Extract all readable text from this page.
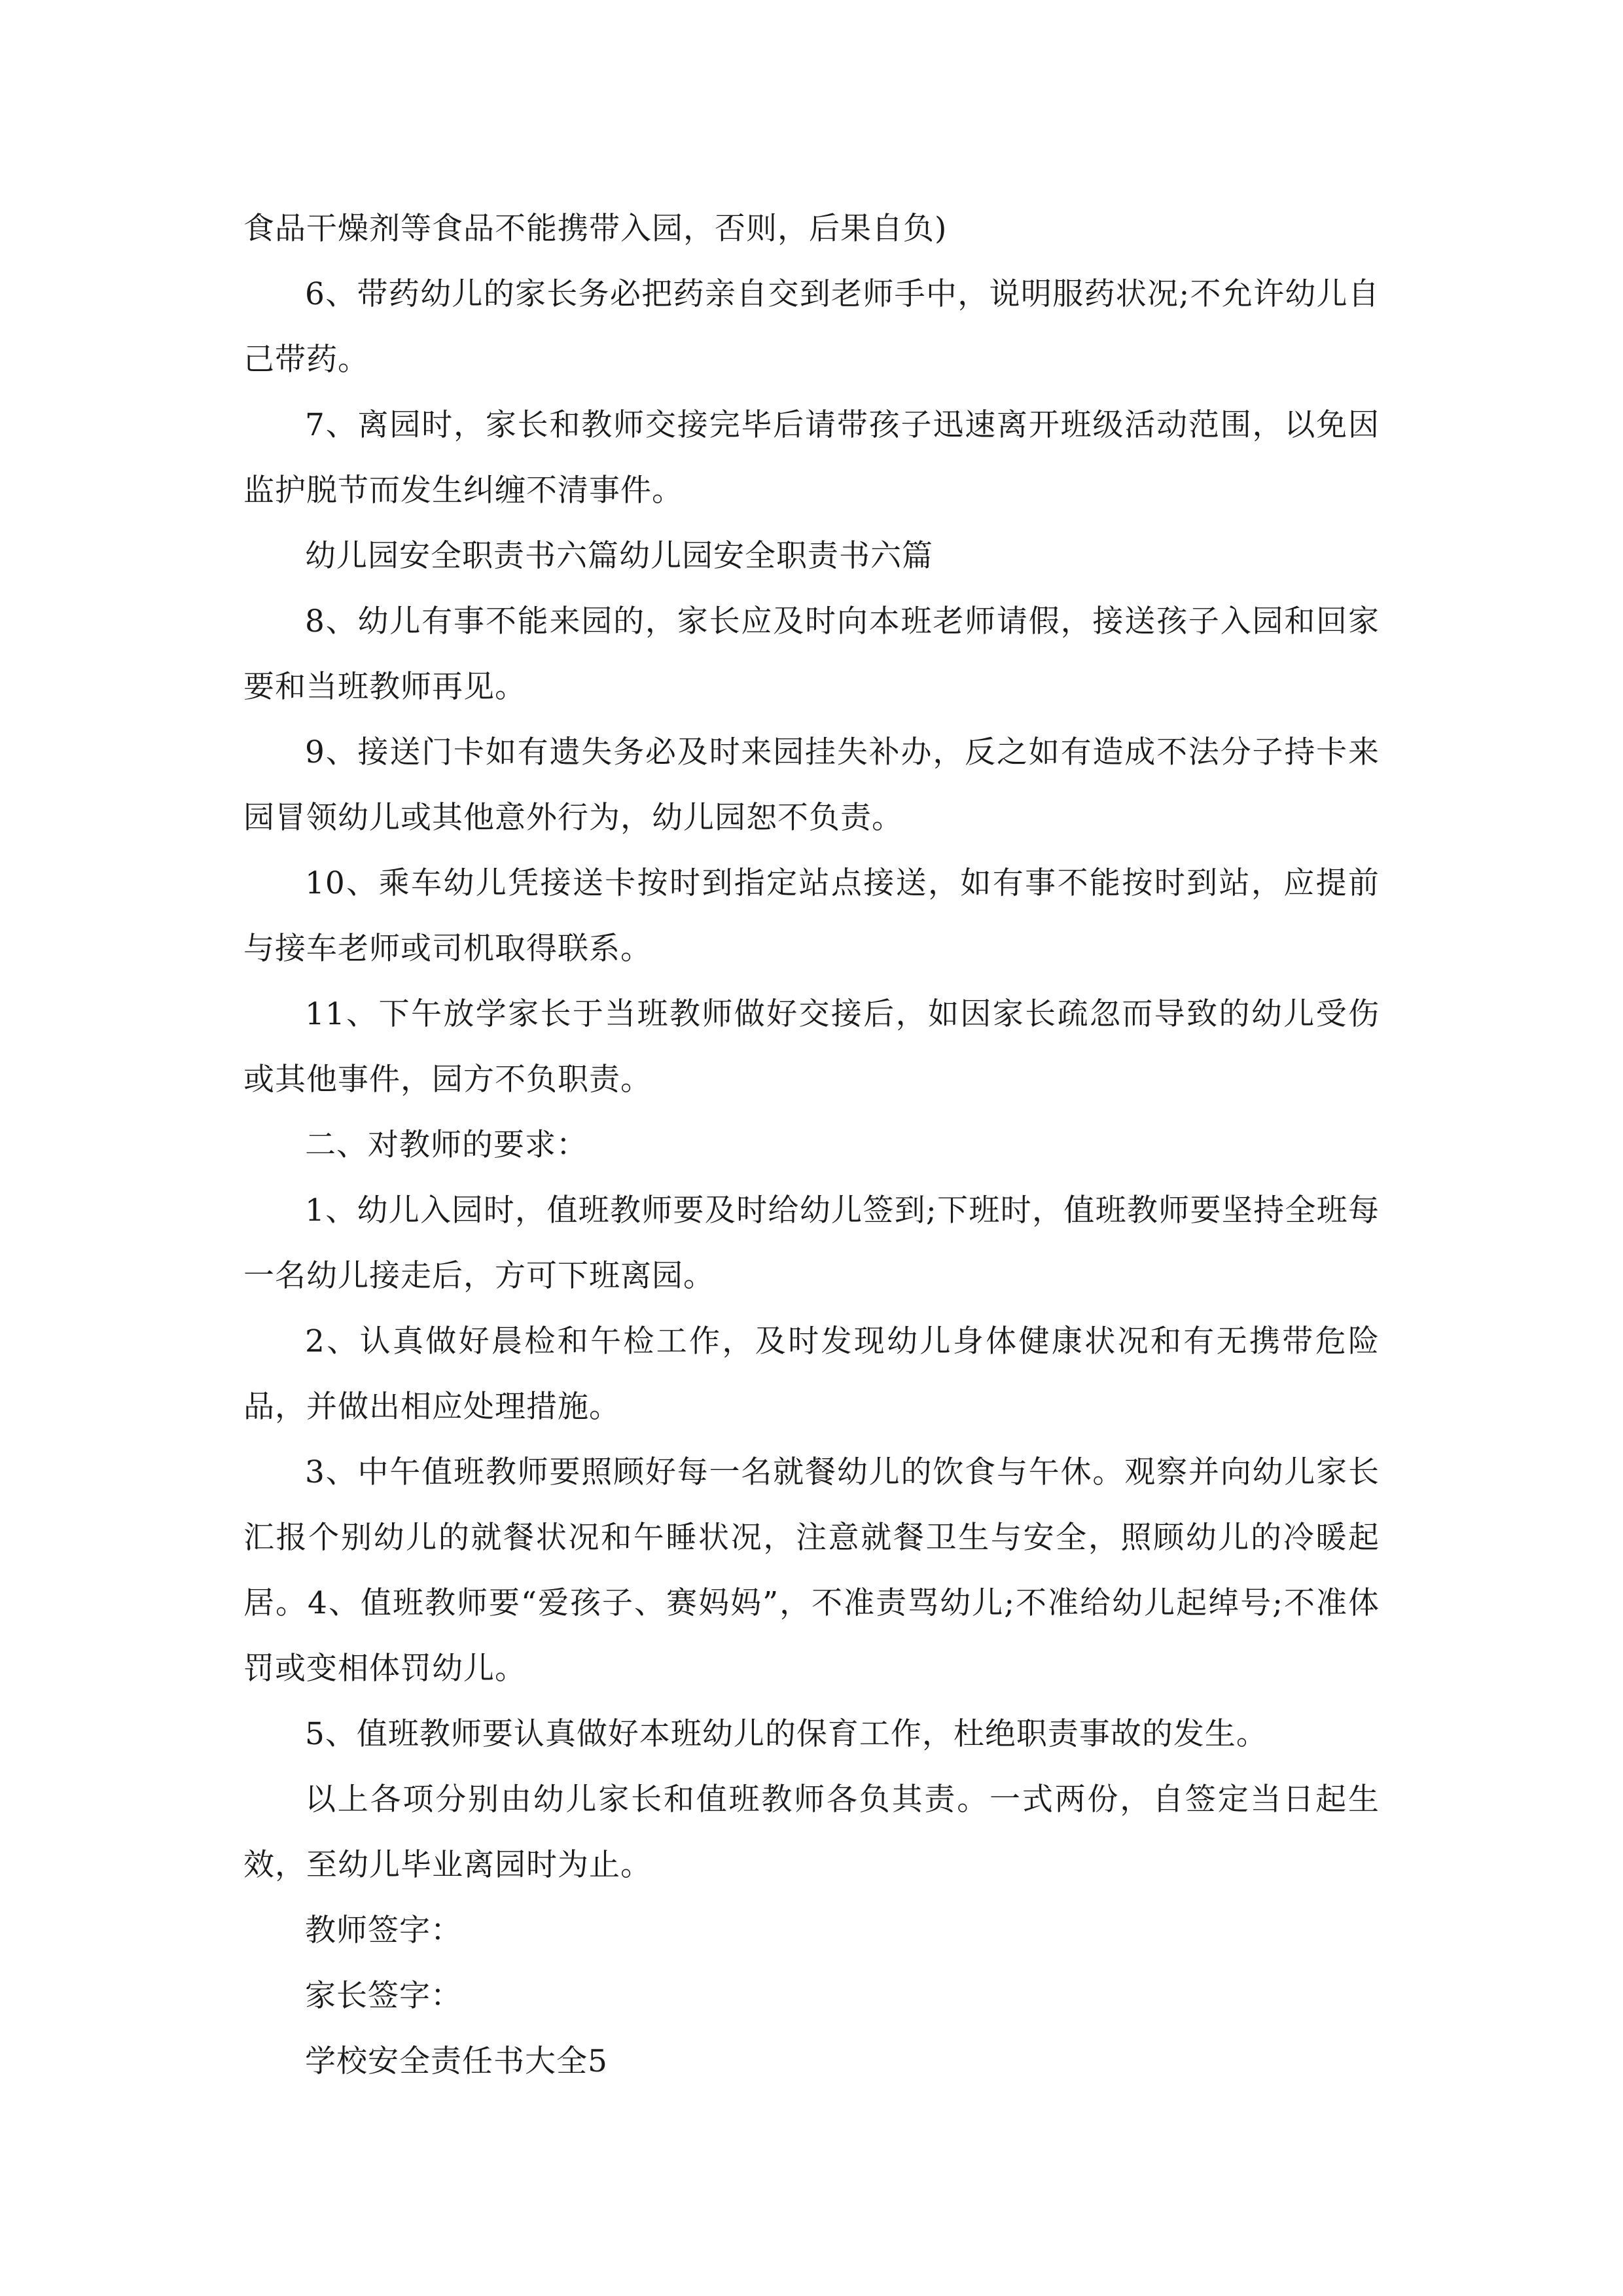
食品干燥剂等食品不能携带入园，否则，后果自负)

6、带药幼儿的家长务必把药亲自交到老师手中，说明服药状况;不允许幼儿自己带药。

7、离园时，家长和教师交接完毕后请带孩子迅速离开班级活动范围，以免因监护脱节而发生纠缠不清事件。

幼儿园安全职责书六篇幼儿园安全职责书六篇

8、幼儿有事不能来园的，家长应及时向本班老师请假，接送孩子入园和回家要和当班教师再见。

9、接送门卡如有遗失务必及时来园挂失补办，反之如有造成不法分子持卡来园冒领幼儿或其他意外行为，幼儿园恕不负责。

10、乘车幼儿凭接送卡按时到指定站点接送，如有事不能按时到站，应提前与接车老师或司机取得联系。

11、下午放学家长于当班教师做好交接后，如因家长疏忽而导致的幼儿受伤或其他事件，园方不负职责。

二、对教师的要求：

1、幼儿入园时，值班教师要及时给幼儿签到;下班时，值班教师要坚持全班每一名幼儿接走后，方可下班离园。

2、认真做好晨检和午检工作，及时发现幼儿身体健康状况和有无携带危险品，并做出相应处理措施。

3、中午值班教师要照顾好每一名就餐幼儿的饮食与午休。观察并向幼儿家长汇报个别幼儿的就餐状况和午睡状况，注意就餐卫生与安全，照顾幼儿的冷暖起居。4、值班教师要“爱孩子、赛妈妈”，不准责骂幼儿;不准给幼儿起绰号;不准体罚或变相体罚幼儿。

5、值班教师要认真做好本班幼儿的保育工作，杜绝职责事故的发生。

以上各项分别由幼儿家长和值班教师各负其责。一式两份，自签定当日起生效，至幼儿毕业离园时为止。

教师签字：

家长签字：

学校安全责任书大全5
